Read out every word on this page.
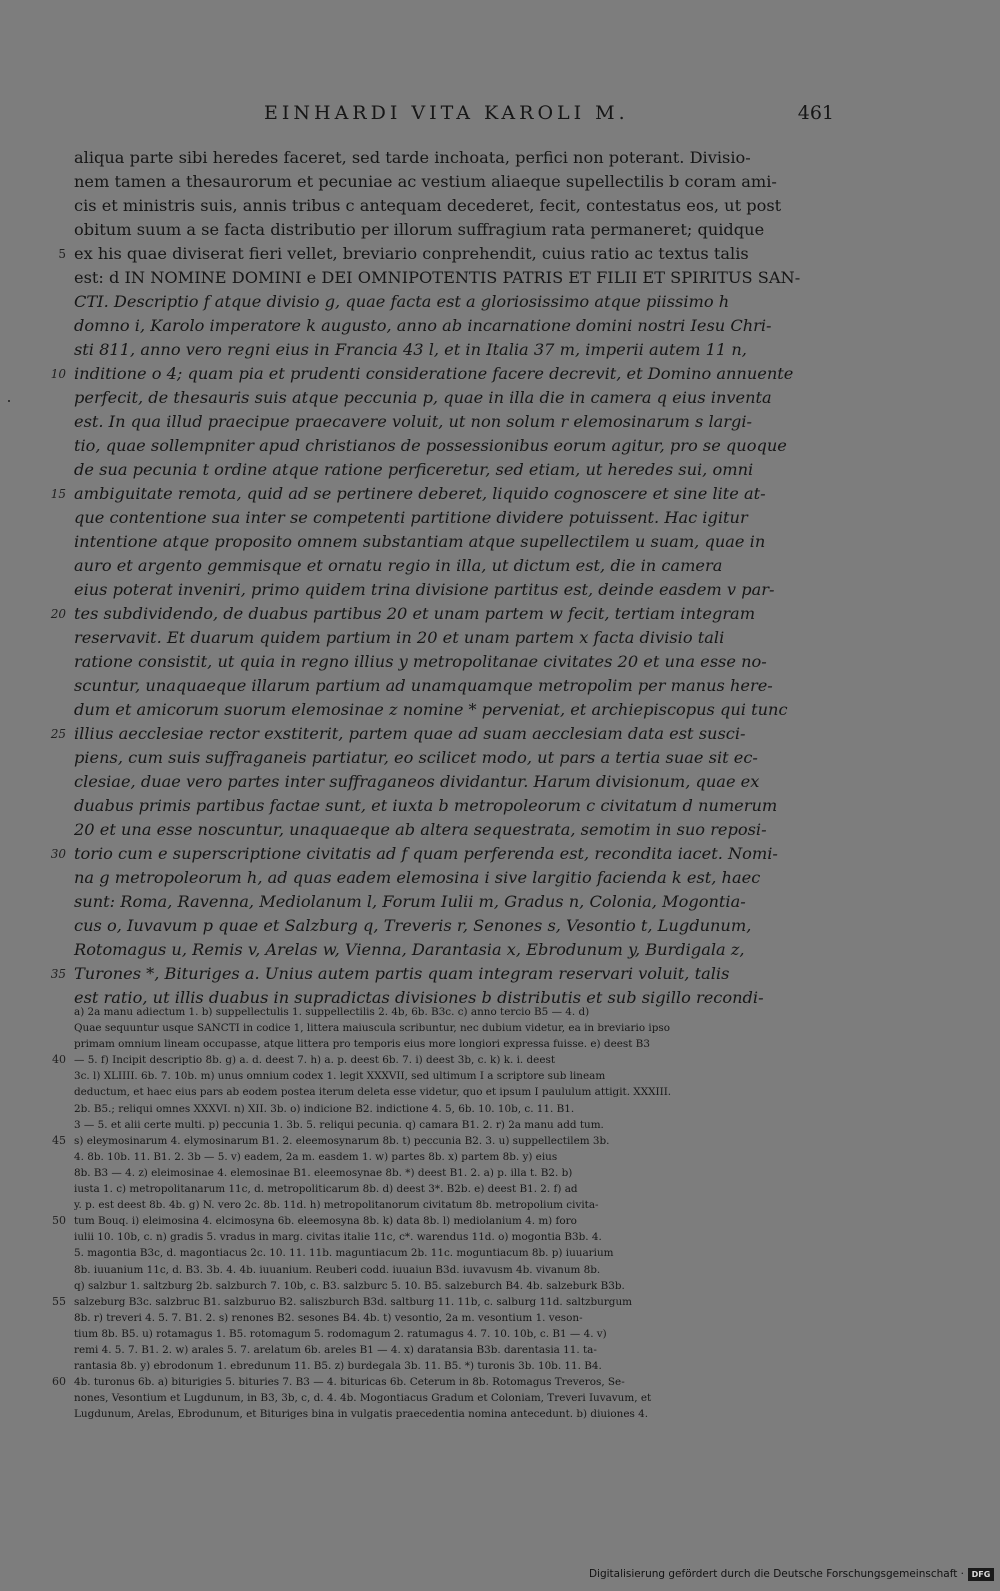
EINHARDI VITA KAROLI M.	461
aliqua parte sibi heredes faceret, sed tarde inchoata, perfici non poterant. Divisio-
nem tamen a thesaurorum et pecuniae ac vestium aliaeque supellectilis b coram ami-
cis et ministris suis, annis tribus c antequam decederet, fecit, contestatus eos, ut post
obitum suum a se facta distributio per illorum suffragium rata permaneret; quidque
5 ex his quae diviserat fieri vellet, breviario conprehendit, cuius ratio ac textus talis
est: d IN NOMINE DOMINI e DEI OMNIPOTENTIS PATRIS ET FILII ET SPIRITUS SAN-
CTI. Descriptio f atque divisio g, quae facta est a gloriosissimo atque piissimo h
domno i, Karolo imperatore k augusto, anno ab incarnatione domini nostri Iesu Chri-
sti 811, anno vero regni eius in Francia 43 l, et in Italia 37 m, imperii autem 11 n,
10 inditione o 4; quam pia et prudenti consideratione facere decrevit, et Domino annuente
perfecit, de thesauris suis atque peccunia p, quae in illa die in camera q eius inventa
est. In qua illud praecipue praecavere voluit, ut non solum r elemosinarum s largi-
tio, quae sollempniter apud christianos de possessionibus eorum agitur, pro se quoque
de sua pecunia t ordine atque ratione perficeretur, sed etiam, ut heredes sui, omni
15 ambiguitate remota, quid ad se pertinere deberet, liquido cognoscere et sine lite at-
que contentione sua inter se competenti partitione dividere potuissent. Hac igitur
intentione atque proposito omnem substantiam atque supellectilem u suam, quae in
auro et argento gemmisque et ornatu regio in illa, ut dictum est, die in camera
eius poterat inveniri, primo quidem trina divisione partitus est, deinde easdem v par-
20 tes subdividendo, de duabus partibus 20 et unam partem w fecit, tertiam integram
reservavit. Et duarum quidem partium in 20 et unam partem x facta divisio tali
ratione consistit, ut quia in regno illius y metropolitanae civitates 20 et una esse no-
scuntur, unaquaeque illarum partium ad unamquamque metropolim per manus here-
dum et amicorum suorum elemosinae z nomine * perveniat, et archiepiscopus qui tunc
25 illius aecclesiae rector exstiterit, partem quae ad suam aecclesiam data est susci-
piens, cum suis suffraganeis partiatur, eo scilicet modo, ut pars a tertia suae sit ec-
clesiae, duae vero partes inter suffraganeos dividantur. Harum divisionum, quae ex
duabus primis partibus factae sunt, et iuxta b metropoleorum c civitatum d numerum
20 et una esse noscuntur, unaquaeque ab altera sequestrata, semotim in suo reposi-
30 torio cum e superscriptione civitatis ad f quam perferenda est, recondita iacet. Nomi-
na g metropoleorum h, ad quas eadem elemosina i sive largitio facienda k est, haec
sunt: Roma, Ravenna, Mediolanum l, Forum Iulii m, Gradus n, Colonia, Mogontia-
cus o, Iuvavum p quae et Salzburg q, Treveris r, Senones s, Vesontio t, Lugdunum,
Rotomagus u, Remis v, Arelas w, Vienna, Darantasia x, Ebrodunum y, Burdigala z,
35 Turones *, Bituriges a. Unius autem partis quam integram reservari voluit, talis
est ratio, ut illis duabus in supradictas divisiones b distributis et sub sigillo recondi-
a) 2a manu adiectum 1. b) suppellectulis 1. suppellectilis 2. 4b, 6b. B3c. c) anno tercio B5 — 4. d)
Quae sequuntur usque SANCTI in codice 1, littera maiuscula scribuntur, nec dubium videtur, ea in breviario ipso
primam omnium lineam occupasse, atque littera pro temporis eius more longiori expressa fuisse. e) deest B3
40 — 5. f) Incipit descriptio 8b. g) a. d. deest 7. h) a. p. deest 6b. 7. i) deest 3b, c. k) k. i. deest
3c. l) XLIIII. 6b. 7. 10b. m) unus omnium codex 1. legit XXXVII, sed ultimum I a scriptore sub lineam
deductum, et haec eius pars ab eodem postea iterum deleta esse videtur, quo et ipsum I paululum attigit. XXXIII.
2b. B5.; reliqui omnes XXXVI. n) XII. 3b. o) indicione B2. indictione 4. 5, 6b. 10. 10b, c. 11. B1.
3 — 5. et alii certe multi. p) peccunia 1. 3b. 5. reliqui pecunia. q) camara B1. 2. r) 2a manu add tum.
45 s) eleymosinarum 4. elymosinarum B1. 2. eleemosynarum 8b. t) peccunia B2. 3. u) suppellectilem 3b.
4. 8b. 10b. 11. B1. 2. 3b — 5. v) eadem, 2a m. easdem 1. w) partes 8b. x) partem 8b. y) eius
8b. B3 — 4. z) eleimosinae 4. elemosinae B1. eleemosynae 8b. *) deest B1. 2. a) p. illa t. B2. b)
iusta 1. c) metropolitanarum 11c, d. metropoliticarum 8b. d) deest 3*. B2b. e) deest B1. 2. f) ad
y. p. est deest 8b. 4b. g) N. vero 2c. 8b. 11d. h) metropolitanorum civitatum 8b. metropolium civita-
50 tum Bouq. i) eleimosina 4. elcimosyna 6b. eleemosyna 8b. k) data 8b. l) mediolanium 4. m) foro
iulii 10. 10b, c. n) gradis 5. vradus in marg. civitas italie 11c, c*. warendus 11d. o) mogontia B3b. 4.
5. magontia B3c, d. magontiacus 2c. 10. 11. 11b. maguntiacum 2b. 11c. moguntiacum 8b. p) iuuarium
8b. iuuanium 11c, d. B3. 3b. 4. 4b. iuuanium. Reuberi codd. iuuaiun B3d. iuvavusm 4b. vivanum 8b.
q) salzbur 1. saltzburg 2b. salzburch 7. 10b, c. B3. salzburc 5. 10. B5. salzeburch B4. 4b. salzeburk B3b.
55 salzeburg B3c. salzbruc B1. salzburuo B2. saliszburch B3d. saltburg 11. 11b, c. salburg 11d. saltzburgum
8b. r) treveri 4. 5. 7. B1. 2. s) renones B2. sesones B4. 4b. t) vesontio, 2a m. vesontium 1. veson-
tium 8b. B5. u) rotamagus 1. B5. rotomagum 5. rodomagum 2. ratumagus 4. 7. 10. 10b, c. B1 — 4. v)
remi 4. 5. 7. B1. 2. w) arales 5. 7. arelatum 6b. areles B1 — 4. x) daratansia B3b. darentasia 11. ta-
rantasia 8b. y) ebrodonum 1. ebredunum 11. B5. z) burdegala 3b. 11. B5. *) turonis 3b. 10b. 11. B4.
60 4b. turonus 6b. a) biturigies 5. bituries 7. B3 — 4. bituricas 6b. Ceterum in 8b. Rotomagus Treveros, Se-
nones, Vesontium et Lugdunum, in B3, 3b, c, d. 4. 4b. Mogontiacus Gradum et Coloniam, Treveri Iuvavum, et
Lugdunum, Arelas, Ebrodunum, et Bituriges bina in vulgatis praecedentia nomina antecedunt. b) diuiones 4.
Digitalisierung gefördert durch die Deutsche Forschungsgemeinschaft · DFG
